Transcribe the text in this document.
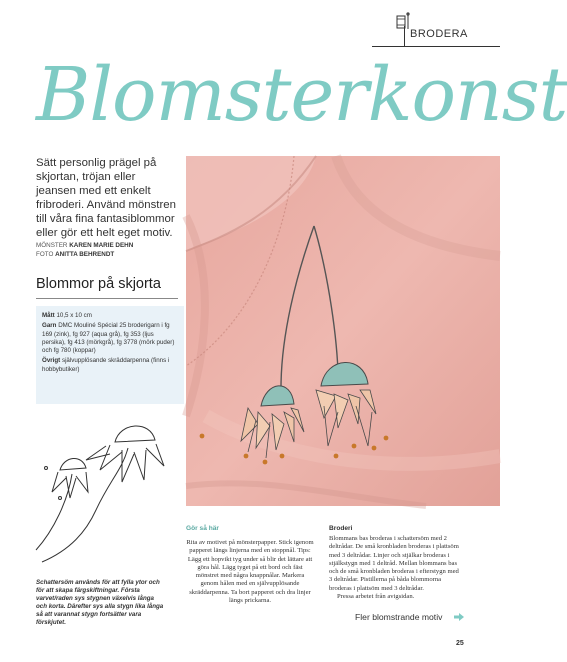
BRODERA
Blomsterkonst
Sätt personlig prägel på skjortan, tröjan eller jeansen med ett enkelt fribroderi. Använd mönstren till våra fina fantasiblommor eller gör ett helt eget motiv.
MÖNSTER KAREN MARIE DEHN
FOTO ANITTA BEHRENDT
Blommor på skjorta

Mått 10,5 x 10 cm

Garn DMC Mouliné Spécial 25 broderigarn i fg 169 (zink), fg 927 (aqua grå), fg 353 (ljus persika), fg 413 (mörkgrå), fg 3778 (mörk puder) och fg 780 (koppar)

Övrigt självupplösande skräddarpenna (finns i hobbybutiker)

Schattersöm används för att fylla ytor och för att skapa färgskiftningar. Första varvet/raden sys stygnen växelvis långa och korta. Därefter sys alla stygn lika långa så att varannat stygn fortsätter vara förskjutet.
Gör så här
Rita av motivet på mönsterpapper. Stick igenom papperet längs linjerna med en stoppnål. Tips: Lägg ett hopvikt tyg under så blir det lättare att göra hål. Lägg tyget på ett bord och fäst mönstret med några knappnålar. Markera genom hålen med en självupplösande skräddarpenna. Ta bort papperet och dra linjer längs prickarna.
Broderi

Blommans bas broderas i schattersöm med 2 deltrådar. De små kronbladen broderas i plattsöm med 3 deltrådar. Linjer och stjälkar broderas i stjälkstygn med 1 deltråd. Mellan blommans bas och de små kronbladen broderas i efterstygn med 3 deltrådar. Pistillerna på båda blommorna broderas i plattsöm med 3 deltrådar.

Pressa arbetet från avigsidan.

Fler blomstrande motiv
25
